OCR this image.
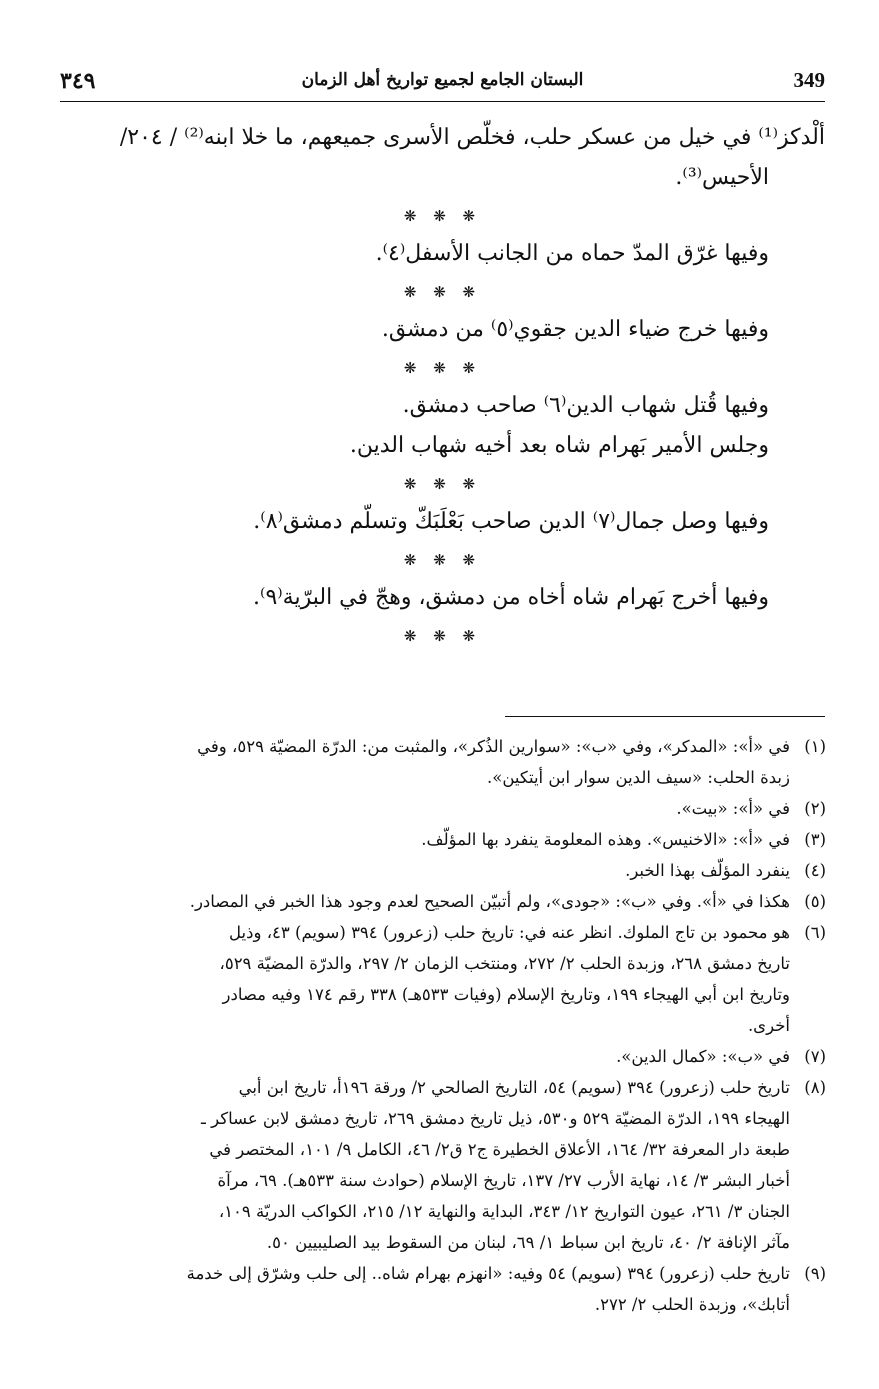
349
البستان الجامع لجميع تواريخ أهل الزمان
٣٤٩

ألْدكز⁽¹⁾ في خيل من عسكر حلب، فخلّص الأسرى جميعهم، ما خلا ابنه⁽²⁾ / ٢٠٤/

الأحيس⁽³⁾.

❋ ❋ ❋

وفيها غرّق المدّ حماه من الجانب الأسفل⁽٤⁾.

❋ ❋ ❋

وفيها خرج ضياء الدين جقوي⁽٥⁾ من دمشق.

❋ ❋ ❋

وفيها قُتل شهاب الدين⁽٦⁾ صاحب دمشق.

وجلس الأمير بَهرام شاه بعد أخيه شهاب الدين.

❋ ❋ ❋

وفيها وصل جمال⁽٧⁾ الدين صاحب بَعْلَبَكّ وتسلّم دمشق⁽٨⁾.

❋ ❋ ❋

وفيها أخرج بَهرام شاه أخاه من دمشق، وهجّ في البرّية⁽٩⁾.

❋ ❋ ❋
(١)
في «أ»: «المدكر»، وفي «ب»: «سوارين الذُكر»، والمثبت من: الدرّة المضيّة ٥٢٩، وفي
زبدة الحلب: «سيف الدين سوار ابن أيتكين».
(٢)
في «أ»: «بيت».
(٣)
في «أ»: «الاخنيس». وهذه المعلومة ينفرد بها المؤلّف.
(٤)
ينفرد المؤلّف بهذا الخبر.
(٥)
هكذا في «أ». وفي «ب»: «جودى»، ولم أتبيّن الصحيح لعدم وجود هذا الخبر في المصادر.
(٦)
هو محمود بن تاج الملوك. انظر عنه في: تاريخ حلب (زعرور) ٣٩٤ (سويم) ٤٣، وذيل
تاريخ دمشق ٢٦٨، وزبدة الحلب ٢/ ٢٧٢، ومنتخب الزمان ٢/ ٢٩٧، والدرّة المضيّة ٥٢٩،
وتاريخ ابن أبي الهيجاء ١٩٩، وتاريخ الإسلام (وفيات ٥٣٣هـ) ٣٣٨ رقم ١٧٤ وفيه مصادر
أخرى.
(٧)
في «ب»: «كمال الدين».
(٨)
تاريخ حلب (زعرور) ٣٩٤ (سويم) ٥٤، التاريخ الصالحي ٢/ ورقة ١٩٦أ، تاريخ ابن أبي
الهيجاء ١٩٩، الدرّة المضيّة ٥٢٩ و٥٣٠، ذيل تاريخ دمشق ٢٦٩، تاريخ دمشق لابن عساكر ـ
طبعة دار المعرفة ٣٢/ ١٦٤، الأعلاق الخطيرة ج٢ ق٢/ ٤٦، الكامل ٩/ ١٠١، المختصر في
أخبار البشر ٣/ ١٤، نهاية الأرب ٢٧/ ١٣٧، تاريخ الإسلام (حوادث سنة ٥٣٣هـ). ٦٩، مرآة
الجنان ٣/ ٢٦١، عيون التواريخ ١٢/ ٣٤٣، البداية والنهاية ١٢/ ٢١٥، الكواكب الدريّة ١٠٩،
مآثر الإنافة ٢/ ٤٠، تاريخ ابن سباط ١/ ٦٩، لبنان من السقوط بيد الصليبيين ٥٠.
(٩)
تاريخ حلب (زعرور) ٣٩٤ (سويم) ٥٤ وفيه: «انهزم بهرام شاه.. إلى حلب وشرّق إلى خدمة
أتابك»، وزبدة الحلب ٢/ ٢٧٢.
